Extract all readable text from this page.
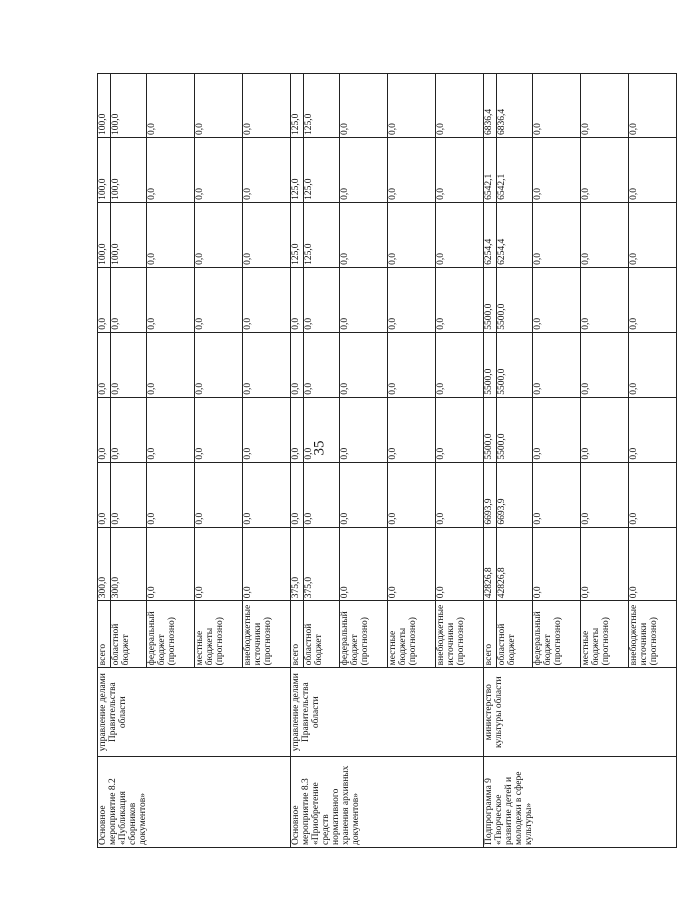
35
Основное мероприятие 8.2 «Публикация сборников документов»	управление делами Правительства области	всего	300,0	0,0	0,0	0,0	0,0	100,0	100,0	100,0
		областной бюджет	300,0	0,0	0,0	0,0	0,0	100,0	100,0	100,0
		федеральный бюджет (прогнозно)	0,0	0,0	0,0	0,0	0,0	0,0	0,0	0,0
		местные бюджеты (прогнозно)	0,0	0,0	0,0	0,0	0,0	0,0	0,0	0,0
		внебюджетные источники (прогнозно)	0,0	0,0	0,0	0,0	0,0	0,0	0,0	0,0
Основное мероприятие 8.3 «Приобретение средств нормативного хранения архивных документов»	управление делами Правительства области	всего	375,0	0,0	0,0	0,0	0,0	125,0	125,0	125,0
		областной бюджет	375,0	0,0	0,0	0,0	0,0	125,0	125,0	125,0
		федеральный бюджет (прогнозно)	0,0	0,0	0,0	0,0	0,0	0,0	0,0	0,0
		местные бюджеты (прогнозно)	0,0	0,0	0,0	0,0	0,0	0,0	0,0	0,0
		внебюджетные источники (прогнозно)	0,0	0,0	0,0	0,0	0,0	0,0	0,0	0,0
Подпрограмма 9 «Творческое развитие детей и молодежи в сфере культуры»	министерство культуры области	всего	42826,8	6693,9	5500,0	5500,0	5500,0	6254,4	6542,1	6836,4
		областной бюджет	42826,8	6693,9	5500,0	5500,0	5500,0	6254,4	6542,1	6836,4
		федеральный бюджет (прогнозно)	0,0	0,0	0,0	0,0	0,0	0,0	0,0	0,0
		местные бюджеты (прогнозно)	0,0	0,0	0,0	0,0	0,0	0,0	0,0	0,0
		внебюджетные источники (прогнозно)	0,0	0,0	0,0	0,0	0,0	0,0	0,0	0,0
